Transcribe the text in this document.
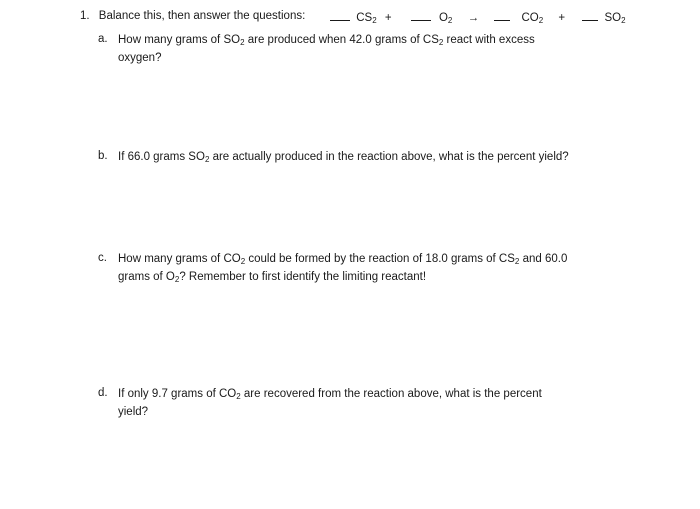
1. Balance this, then answer the questions:	$CS_2$ +	$O_2$ →	$CO_2$ +	$SO_2$
a. How many grams of $SO_2$ are produced when 42.0 grams of $CS_2$ react with excess
oxygen?
b. If 66.0 grams $SO_2$ are actually produced in the reaction above, what is the percent yield?
c. How many grams of $CO_2$ could be formed by the reaction of 18.0 grams of $CS_2$ and 60.0
grams of $O_2$? Remember to first identify the limiting reactant!
d. If only 9.7 grams of $CO_2$ are recovered from the reaction above, what is the percent
yield?
